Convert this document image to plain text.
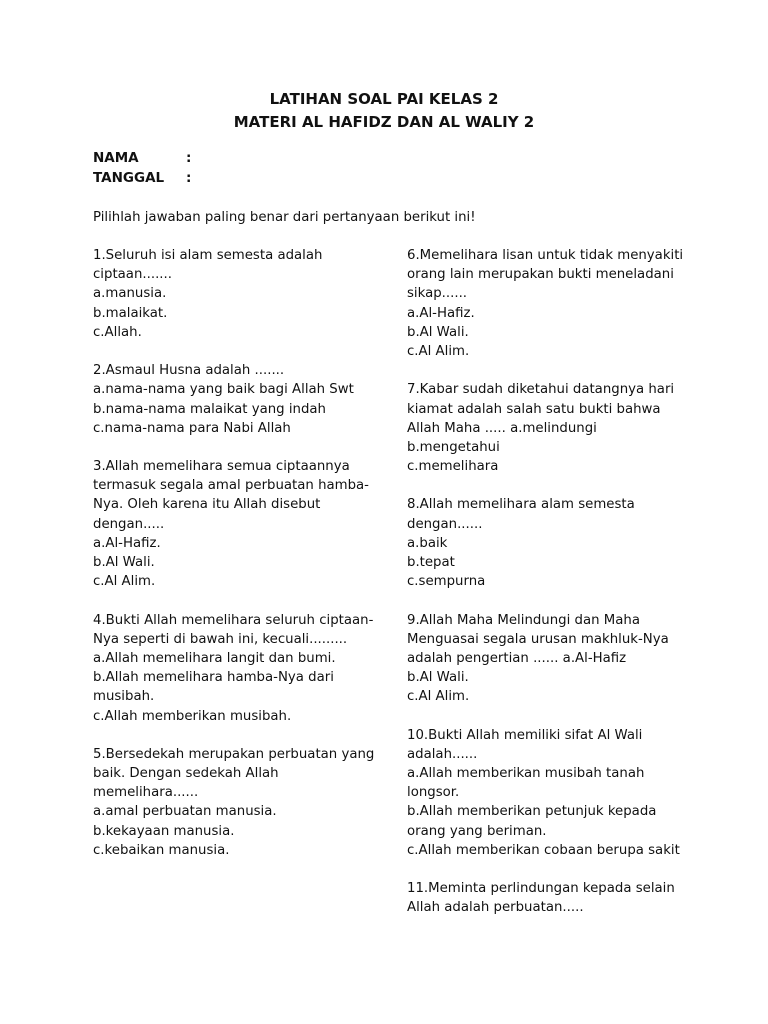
LATIHAN SOAL PAI KELAS 2
MATERI AL HAFIDZ DAN AL WALIY 2
NAMA	:
TANGGAL :
Pilihlah jawaban paling benar dari pertanyaan berikut ini!
1.Seluruh isi alam semesta adalah
ciptaan.......
a.manusia.
b.malaikat.
c.Allah.
2.Asmaul Husna adalah .......
a.nama-nama yang baik bagi Allah Swt
b.nama-nama malaikat yang indah
c.nama-nama para Nabi Allah
3.Allah memelihara semua ciptaannya
termasuk segala amal perbuatan hamba-
Nya. Oleh karena itu Allah disebut
dengan.....
a.Al-Hafiz.
b.Al Wali.
c.Al Alim.
4.Bukti Allah memelihara seluruh ciptaan-
Nya seperti di bawah ini, kecuali.........
a.Allah memelihara langit dan bumi.
b.Allah memelihara hamba-Nya dari
musibah.
c.Allah memberikan musibah.
5.Bersedekah merupakan perbuatan yang
baik. Dengan sedekah Allah
memelihara......
a.amal perbuatan manusia.
b.kekayaan manusia.
c.kebaikan manusia.
6.Memelihara lisan untuk tidak menyakiti
orang lain merupakan bukti meneladani
sikap......
a.Al-Hafiz.
b.Al Wali.
c.Al Alim.
7.Kabar sudah diketahui datangnya hari
kiamat adalah salah satu bukti bahwa
Allah Maha ..... a.melindungi
b.mengetahui
c.memelihara
8.Allah memelihara alam semesta
dengan......
a.baik
b.tepat
c.sempurna
9.Allah Maha Melindungi dan Maha
Menguasai segala urusan makhluk-Nya
adalah pengertian ...... a.Al-Hafiz
b.Al Wali.
c.Al Alim.
10.Bukti Allah memiliki sifat Al Wali
adalah......
a.Allah memberikan musibah tanah
longsor.
b.Allah memberikan petunjuk kepada
orang yang beriman.
c.Allah memberikan cobaan berupa sakit
11.Meminta perlindungan kepada selain
Allah adalah perbuatan.....
